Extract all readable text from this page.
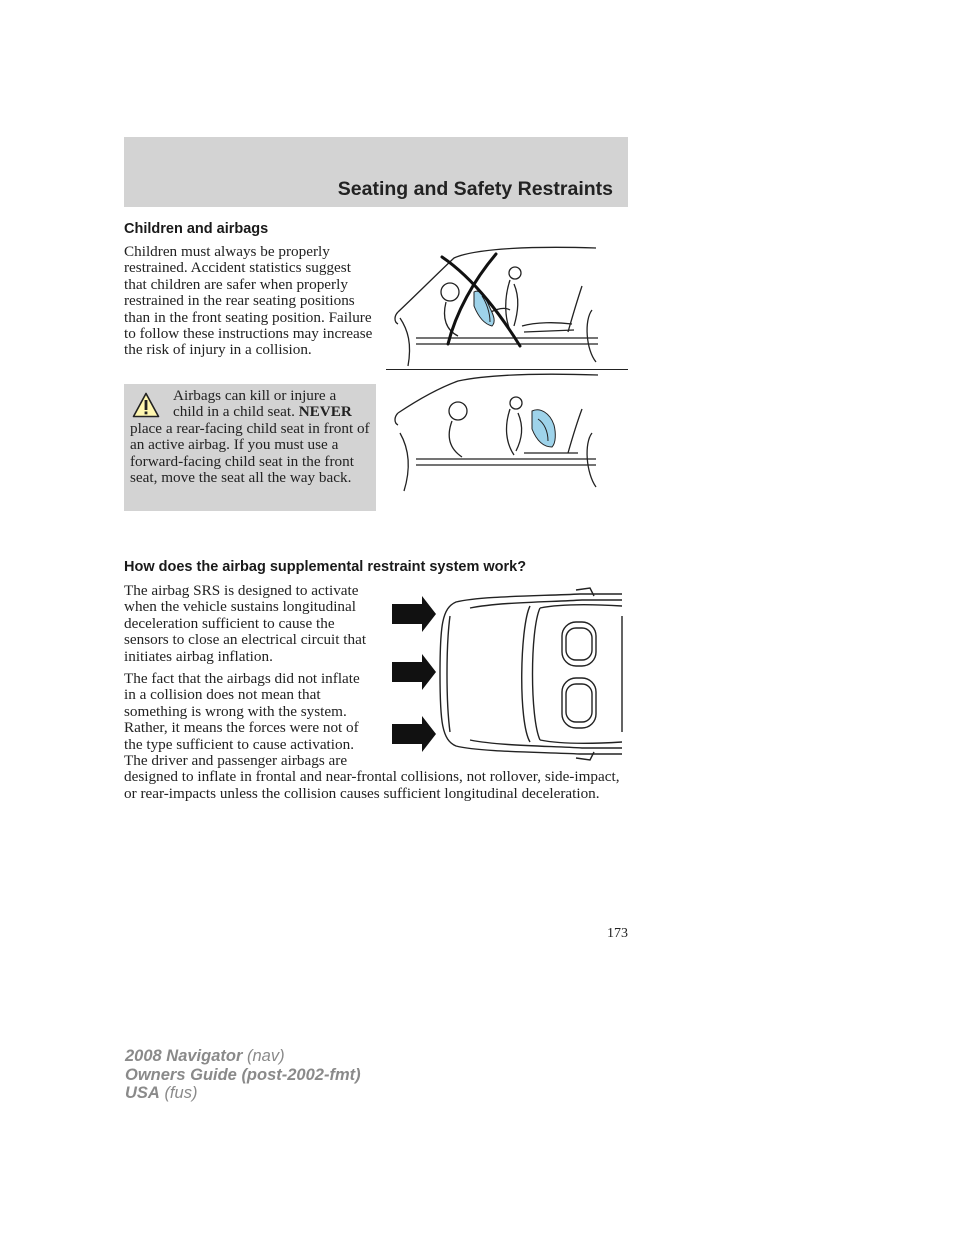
Seating and Safety Restraints
Children and airbags

Children must always be properly restrained. Accident statistics suggest that children are safer when properly restrained in the rear seating positions than in the front seating position. Failure to follow these instructions may increase the risk of injury in a collision.

Airbags can kill or injure a child in a child seat. NEVER place a rear-facing child seat in front of an active airbag. If you must use a forward-facing child seat in the front seat, move the seat all the way back.

How does the airbag supplemental restraint system work?

The airbag SRS is designed to activate when the vehicle sustains longitudinal deceleration sufficient to cause the sensors to close an electrical circuit that initiates airbag inflation.

The fact that the airbags did not inflate in a collision does not mean that something is wrong with the system. Rather, it means the forces were not of the type sufficient to cause activation. The driver and passenger airbags are designed to inflate in frontal and near-frontal collisions, not rollover, side-impact, or rear-impacts unless the collision causes sufficient longitudinal deceleration.

173

2008 Navigator (nav)
Owners Guide (post-2002-fmt)
USA (fus)
